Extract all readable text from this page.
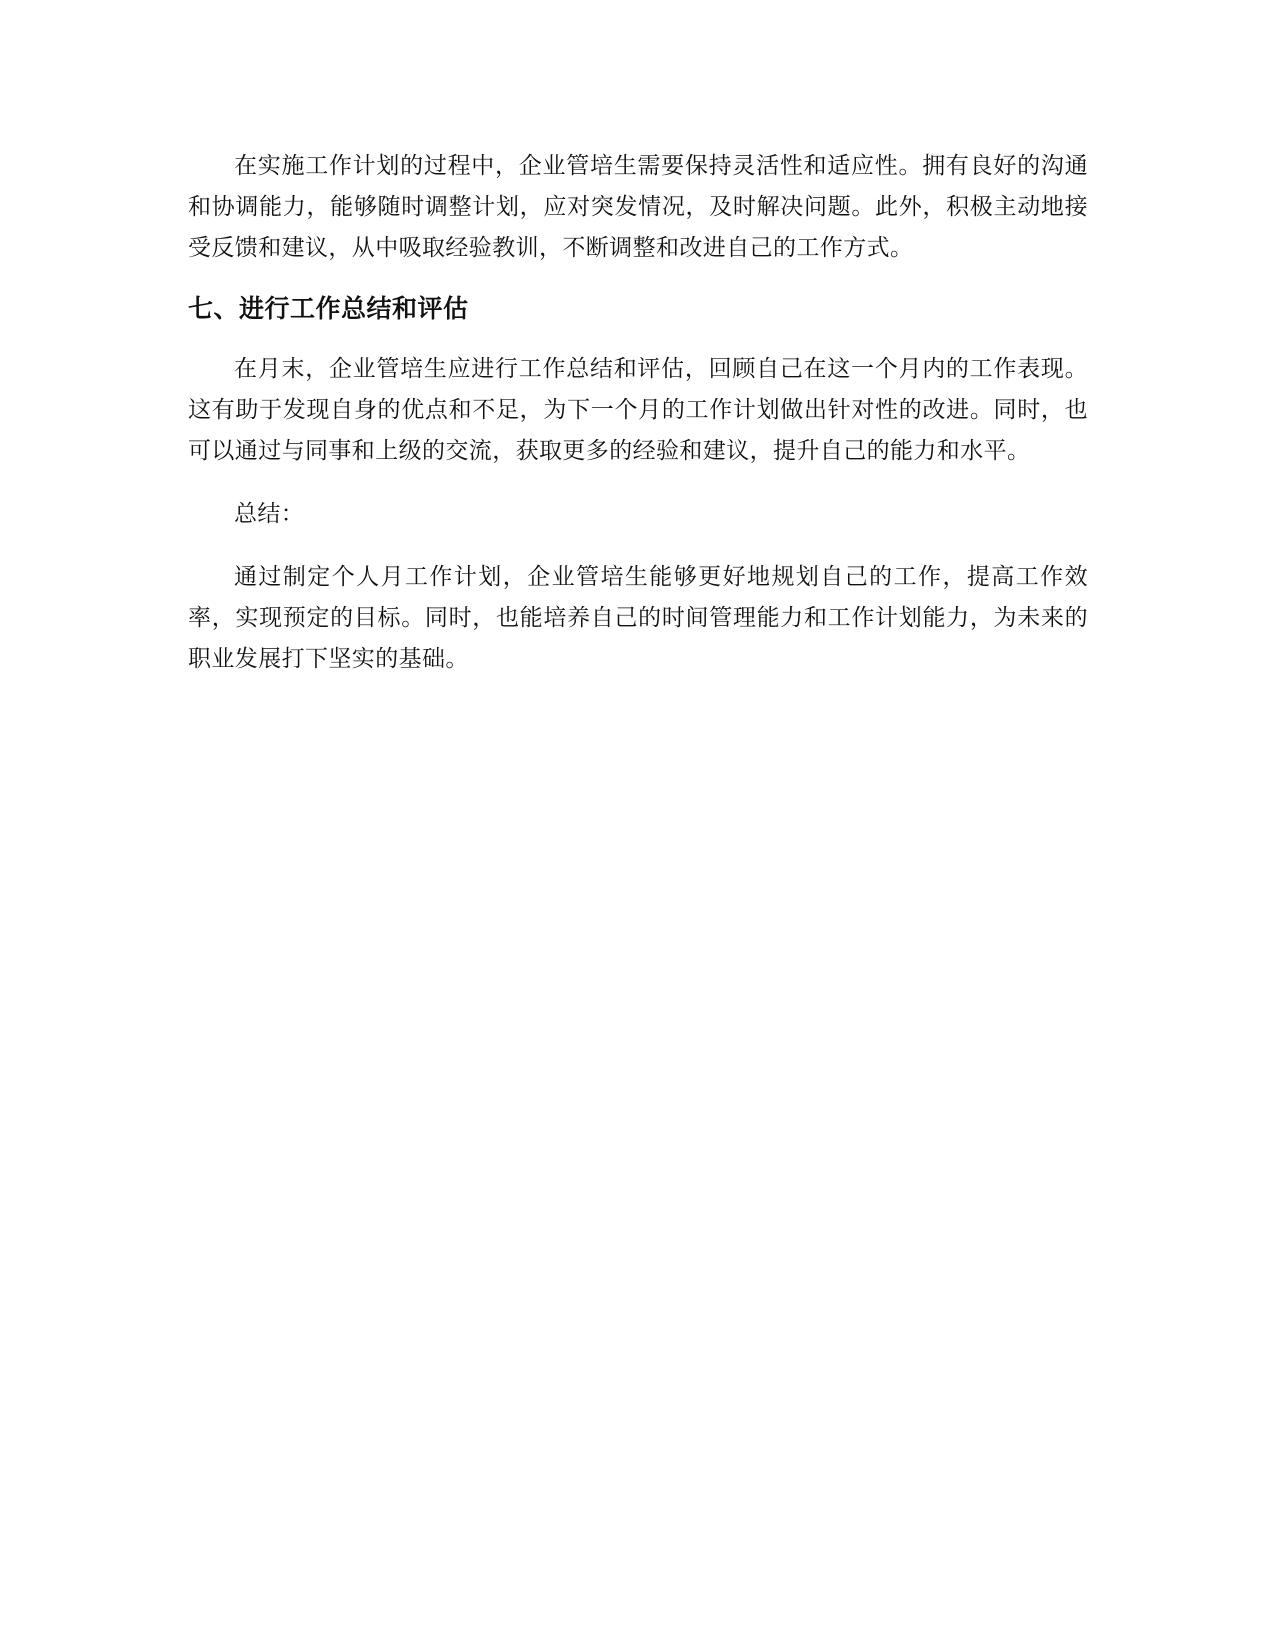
在实施工作计划的过程中，企业管培生需要保持灵活性和适应性。拥有良好的沟通和协调能力，能够随时调整计划，应对突发情况，及时解决问题。此外，积极主动地接受反馈和建议，从中吸取经验教训，不断调整和改进自己的工作方式。

七、进行工作总结和评估

在月末，企业管培生应进行工作总结和评估，回顾自己在这一个月内的工作表现。这有助于发现自身的优点和不足，为下一个月的工作计划做出针对性的改进。同时，也可以通过与同事和上级的交流，获取更多的经验和建议，提升自己的能力和水平。

总结：

通过制定个人月工作计划，企业管培生能够更好地规划自己的工作，提高工作效率，实现预定的目标。同时，也能培养自己的时间管理能力和工作计划能力，为未来的职业发展打下坚实的基础。
